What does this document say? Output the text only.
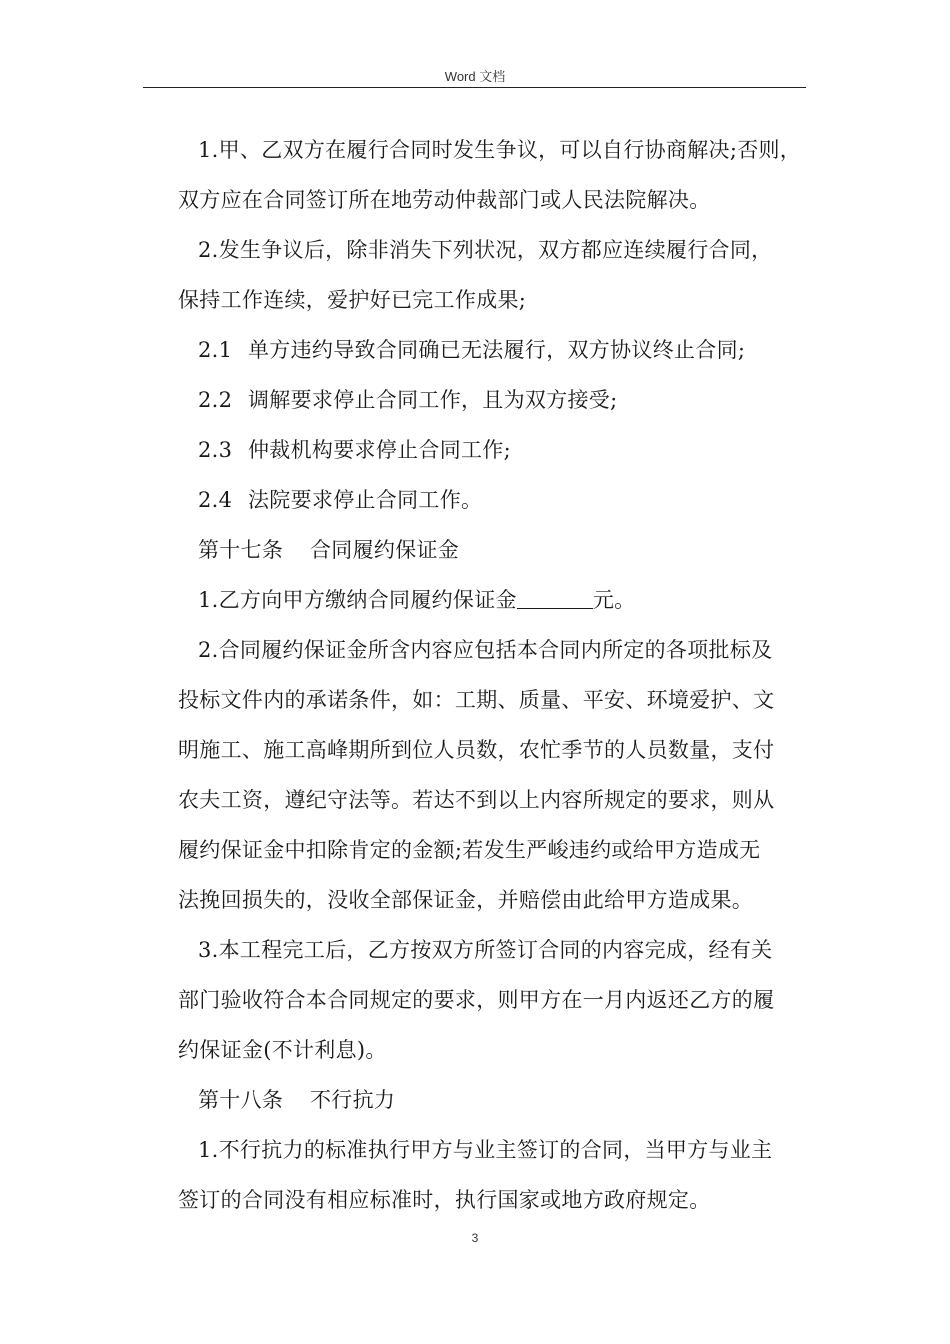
Word 文档
1.甲、乙双方在履行合同时发生争议，可以自行协商解决;否则，
双方应在合同签订所在地劳动仲裁部门或人民法院解决。
2.发生争议后，除非消失下列状况，双方都应连续履行合同，
保持工作连续，爱护好已完工作成果;
2.1 单方违约导致合同确已无法履行，双方协议终止合同;
2.2 调解要求停止合同工作，且为双方接受;
2.3 仲裁机构要求停止合同工作;
2.4 法院要求停止合同工作。
第十七条 合同履约保证金
1.乙方向甲方缴纳合同履约保证金	元。
2.合同履约保证金所含内容应包括本合同内所定的各项批标及
投标文件内的承诺条件，如：工期、质量、平安、环境爱护、文
明施工、施工高峰期所到位人员数，农忙季节的人员数量，支付
农夫工资，遵纪守法等。若达不到以上内容所规定的要求，则从
履约保证金中扣除肯定的金额;若发生严峻违约或给甲方造成无
法挽回损失的，没收全部保证金，并赔偿由此给甲方造成果。
3.本工程完工后，乙方按双方所签订合同的内容完成，经有关
部门验收符合本合同规定的要求，则甲方在一月内返还乙方的履
约保证金(不计利息)。
第十八条 不行抗力
1.不行抗力的标准执行甲方与业主签订的合同，当甲方与业主
签订的合同没有相应标准时，执行国家或地方政府规定。
3
